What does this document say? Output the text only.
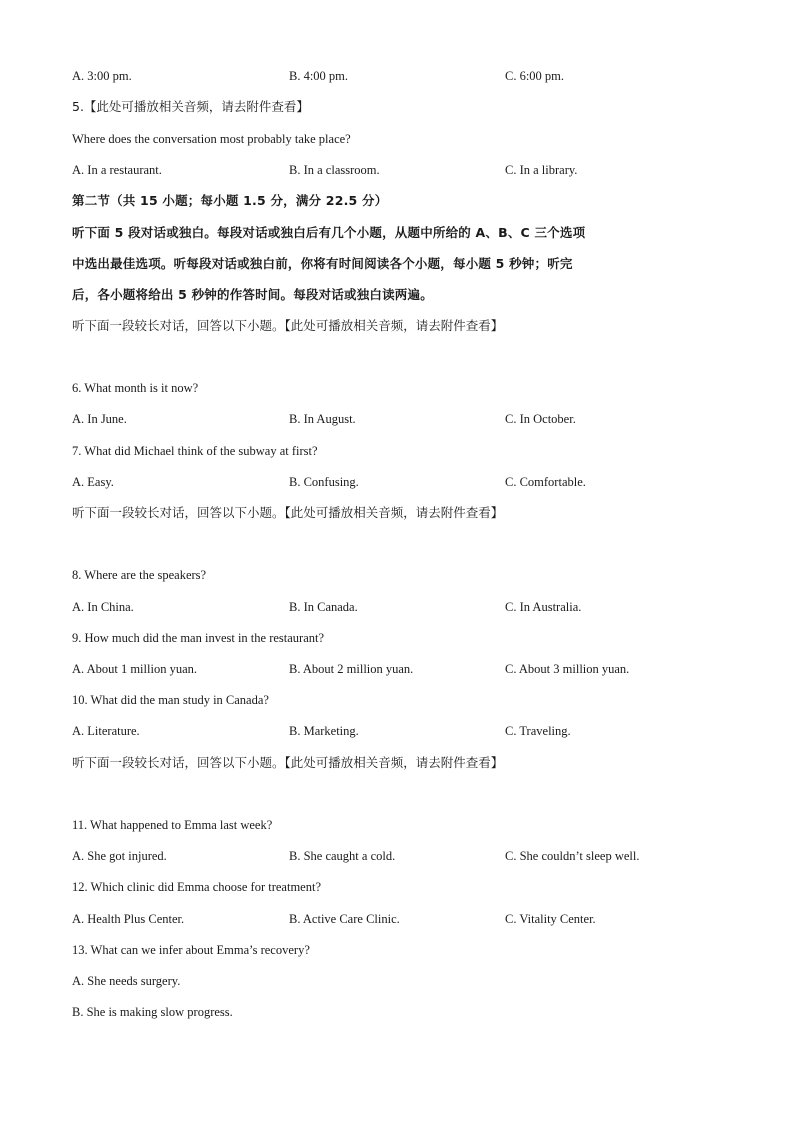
A. 3:00 pm.	B. 4:00 pm.	C. 6:00 pm.
5.【此处可播放相关音频，请去附件查看】
Where does the conversation most probably take place?
A. In a restaurant.	B. In a classroom.	C. In a library.
第二节（共 15 小题；每小题 1.5 分，满分 22.5 分）
听下面 5 段对话或独白。每段对话或独白后有几个小题，从题中所给的 A、B、C 三个选项
中选出最佳选项。听每段对话或独白前，你将有时间阅读各个小题，每小题 5 秒钟；听完
后，各小题将给出 5 秒钟的作答时间。每段对话或独白读两遍。
听下面一段较长对话，回答以下小题。【此处可播放相关音频，请去附件查看】
6. What month is it now?
A. In June.	B. In August.	C. In October.
7. What did Michael think of the subway at first?
A. Easy.	B. Confusing.	C. Comfortable.
听下面一段较长对话，回答以下小题。【此处可播放相关音频，请去附件查看】
8. Where are the speakers?
A. In China.	B. In Canada.	C. In Australia.
9. How much did the man invest in the restaurant?
A. About 1 million yuan.	B. About 2 million yuan.	C. About 3 million yuan.
10. What did the man study in Canada?
A. Literature.	B. Marketing.	C. Traveling.
听下面一段较长对话，回答以下小题。【此处可播放相关音频，请去附件查看】
11. What happened to Emma last week?
A. She got injured.	B. She caught a cold.	C. She couldn’t sleep well.
12. Which clinic did Emma choose for treatment?
A. Health Plus Center.	B. Active Care Clinic.	C. Vitality Center.
13. What can we infer about Emma’s recovery?
A. She needs surgery.
B. She is making slow progress.
